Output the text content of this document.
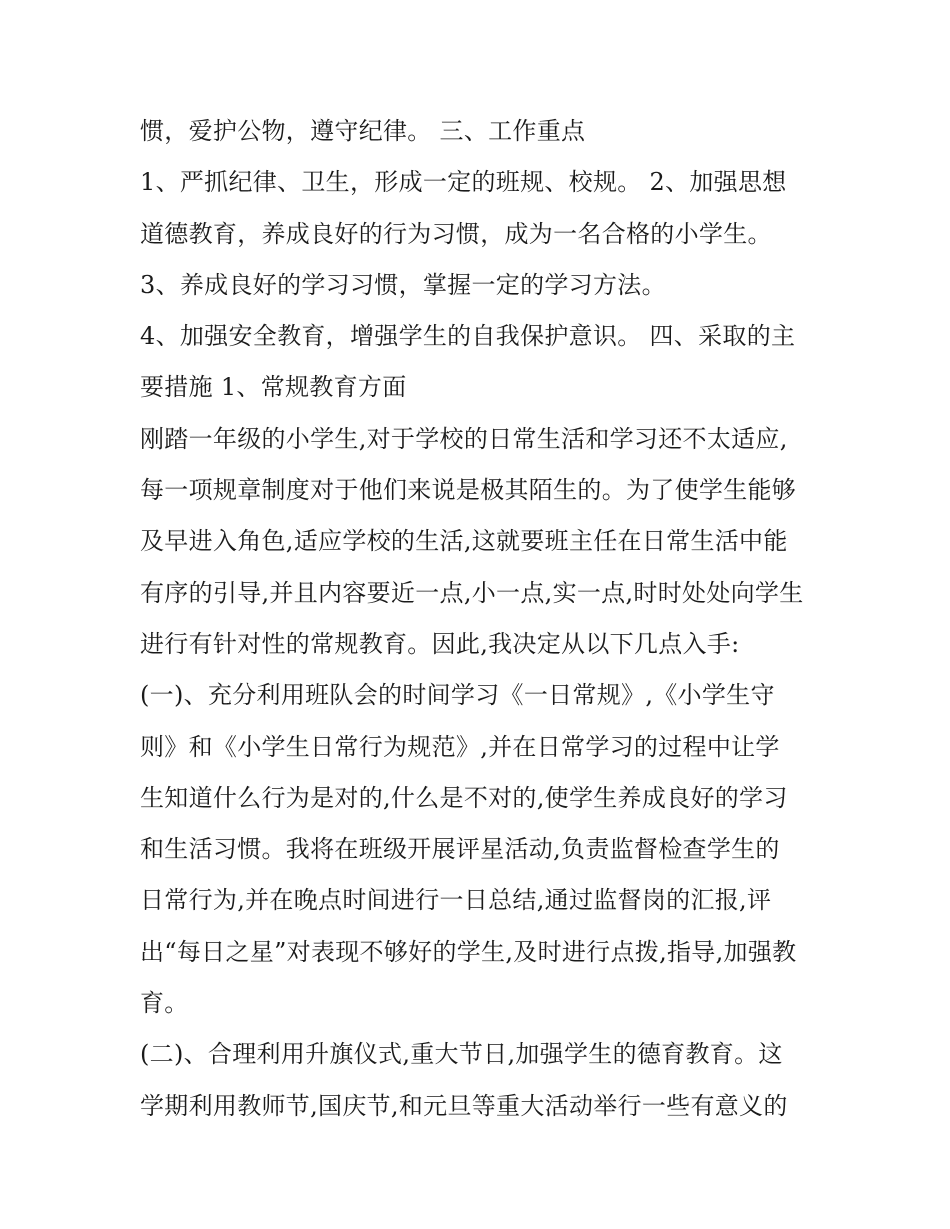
惯，爱护公物，遵守纪律。 三、工作重点
1、严抓纪律、卫生，形成一定的班规、校规。 2、加强思想
道德教育，养成良好的行为习惯，成为一名合格的小学生。
3、养成良好的学习习惯，掌握一定的学习方法。
4、加强安全教育，增强学生的自我保护意识。 四、采取的主
要措施 1、常规教育方面
刚踏一年级的小学生,对于学校的日常生活和学习还不太适应,
每一项规章制度对于他们来说是极其陌生的。为了使学生能够
及早进入角色,适应学校的生活,这就要班主任在日常生活中能
有序的引导,并且内容要近一点,小一点,实一点,时时处处向学生
进行有针对性的常规教育。因此,我决定从以下几点入手:
(一)、充分利用班队会的时间学习《一日常规》,《小学生守
则》和《小学生日常行为规范》,并在日常学习的过程中让学
生知道什么行为是对的,什么是不对的,使学生养成良好的学习
和生活习惯。我将在班级开展评星活动,负责监督检查学生的
日常行为,并在晚点时间进行一日总结,通过监督岗的汇报,评
出“每日之星”对表现不够好的学生,及时进行点拨,指导,加强教
育。
(二)、合理利用升旗仪式,重大节日,加强学生的德育教育。这
学期利用教师节,国庆节,和元旦等重大活动举行一些有意义的
